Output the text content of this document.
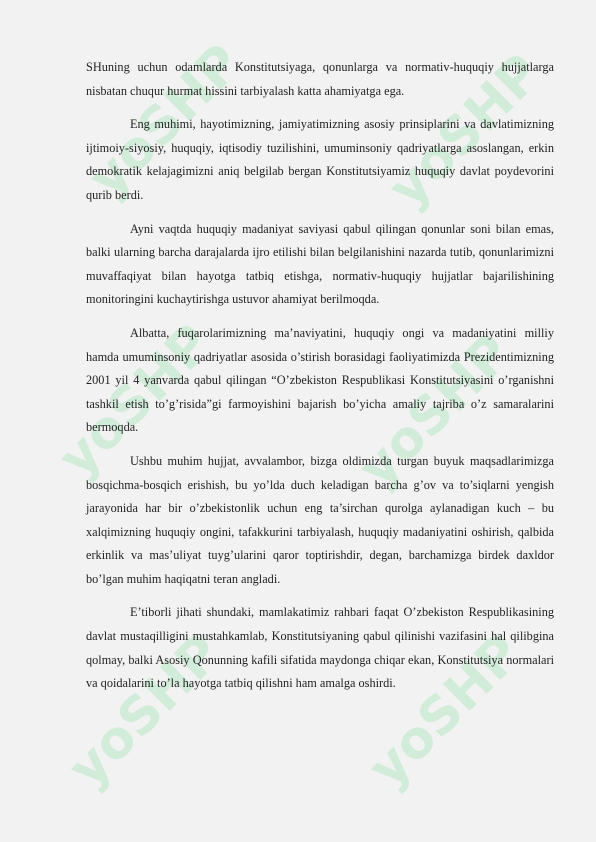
yoSHPF yoSHPF
yoSHPF yoSHPF
yoSHPF yoSHPF

SHuning uchun odamlarda Konstitutsiyaga, qonunlarga va normativ-huquqiy hujjatlarga nisbatan chuqur hurmat hissini tarbiyalash katta ahamiyatga ega.

Eng muhimi, hayotimizning, jamiyatimizning asosiy prinsiplarini va davlatimizning ijtimoiy-siyosiy, huquqiy, iqtisodiy tuzilishini, umuminsoniy qadriyatlarga asoslangan, erkin demokratik kelajagimizni aniq belgilab bergan Konstitutsiyamiz huquqiy davlat poydevorini qurib berdi.

Ayni vaqtda huquqiy madaniyat saviyasi qabul qilingan qonunlar soni bilan emas, balki ularning barcha darajalarda ijro etilishi bilan belgilanishini nazarda tutib, qonunlarimizni muvaffaqiyat bilan hayotga tatbiq etishga, normativ-huquqiy hujjatlar bajarilishining monitoringini kuchaytirishga ustuvor ahamiyat berilmoqda.

Albatta, fuqarolarimizning ma’naviyatini, huquqiy ongi va madaniyatini milliy hamda umuminsoniy qadriyatlar asosida o’stirish borasidagi faoliyatimizda Prezidentimizning 2001 yil 4 yanvarda qabul qilingan “O’zbekiston Respublikasi Konstitutsiyasini o’rganishni tashkil etish to’g’risida”gi farmoyishini bajarish bo’yicha amaliy tajriba o’z samaralarini bermoqda.

Ushbu muhim hujjat, avvalambor, bizga oldimizda turgan buyuk maqsadlarimizga bosqichma-bosqich erishish, bu yo’lda duch keladigan barcha g’ov va to’siqlarni yengish jarayonida har bir o’zbekistonlik uchun eng ta’sirchan qurolga aylanadigan kuch – bu xalqimizning huquqiy ongini, tafakkurini tarbiyalash, huquqiy madaniyatini oshirish, qalbida erkinlik va mas’uliyat tuyg’ularini qaror toptirishdir, degan, barchamizga birdek daxldor bo’lgan muhim haqiqatni teran angladi.

E’tiborli jihati shundaki, mamlakatimiz rahbari faqat O’zbekiston Respublikasining davlat mustaqilligini mustahkamlab, Konstitutsiyaning qabul qilinishi vazifasini hal qilibgina qolmay, balki Asosiy Qonunning kafili sifatida maydonga chiqar ekan, Konstitutsiya normalari va qoidalarini to’la hayotga tatbiq qilishni ham amalga oshirdi.
